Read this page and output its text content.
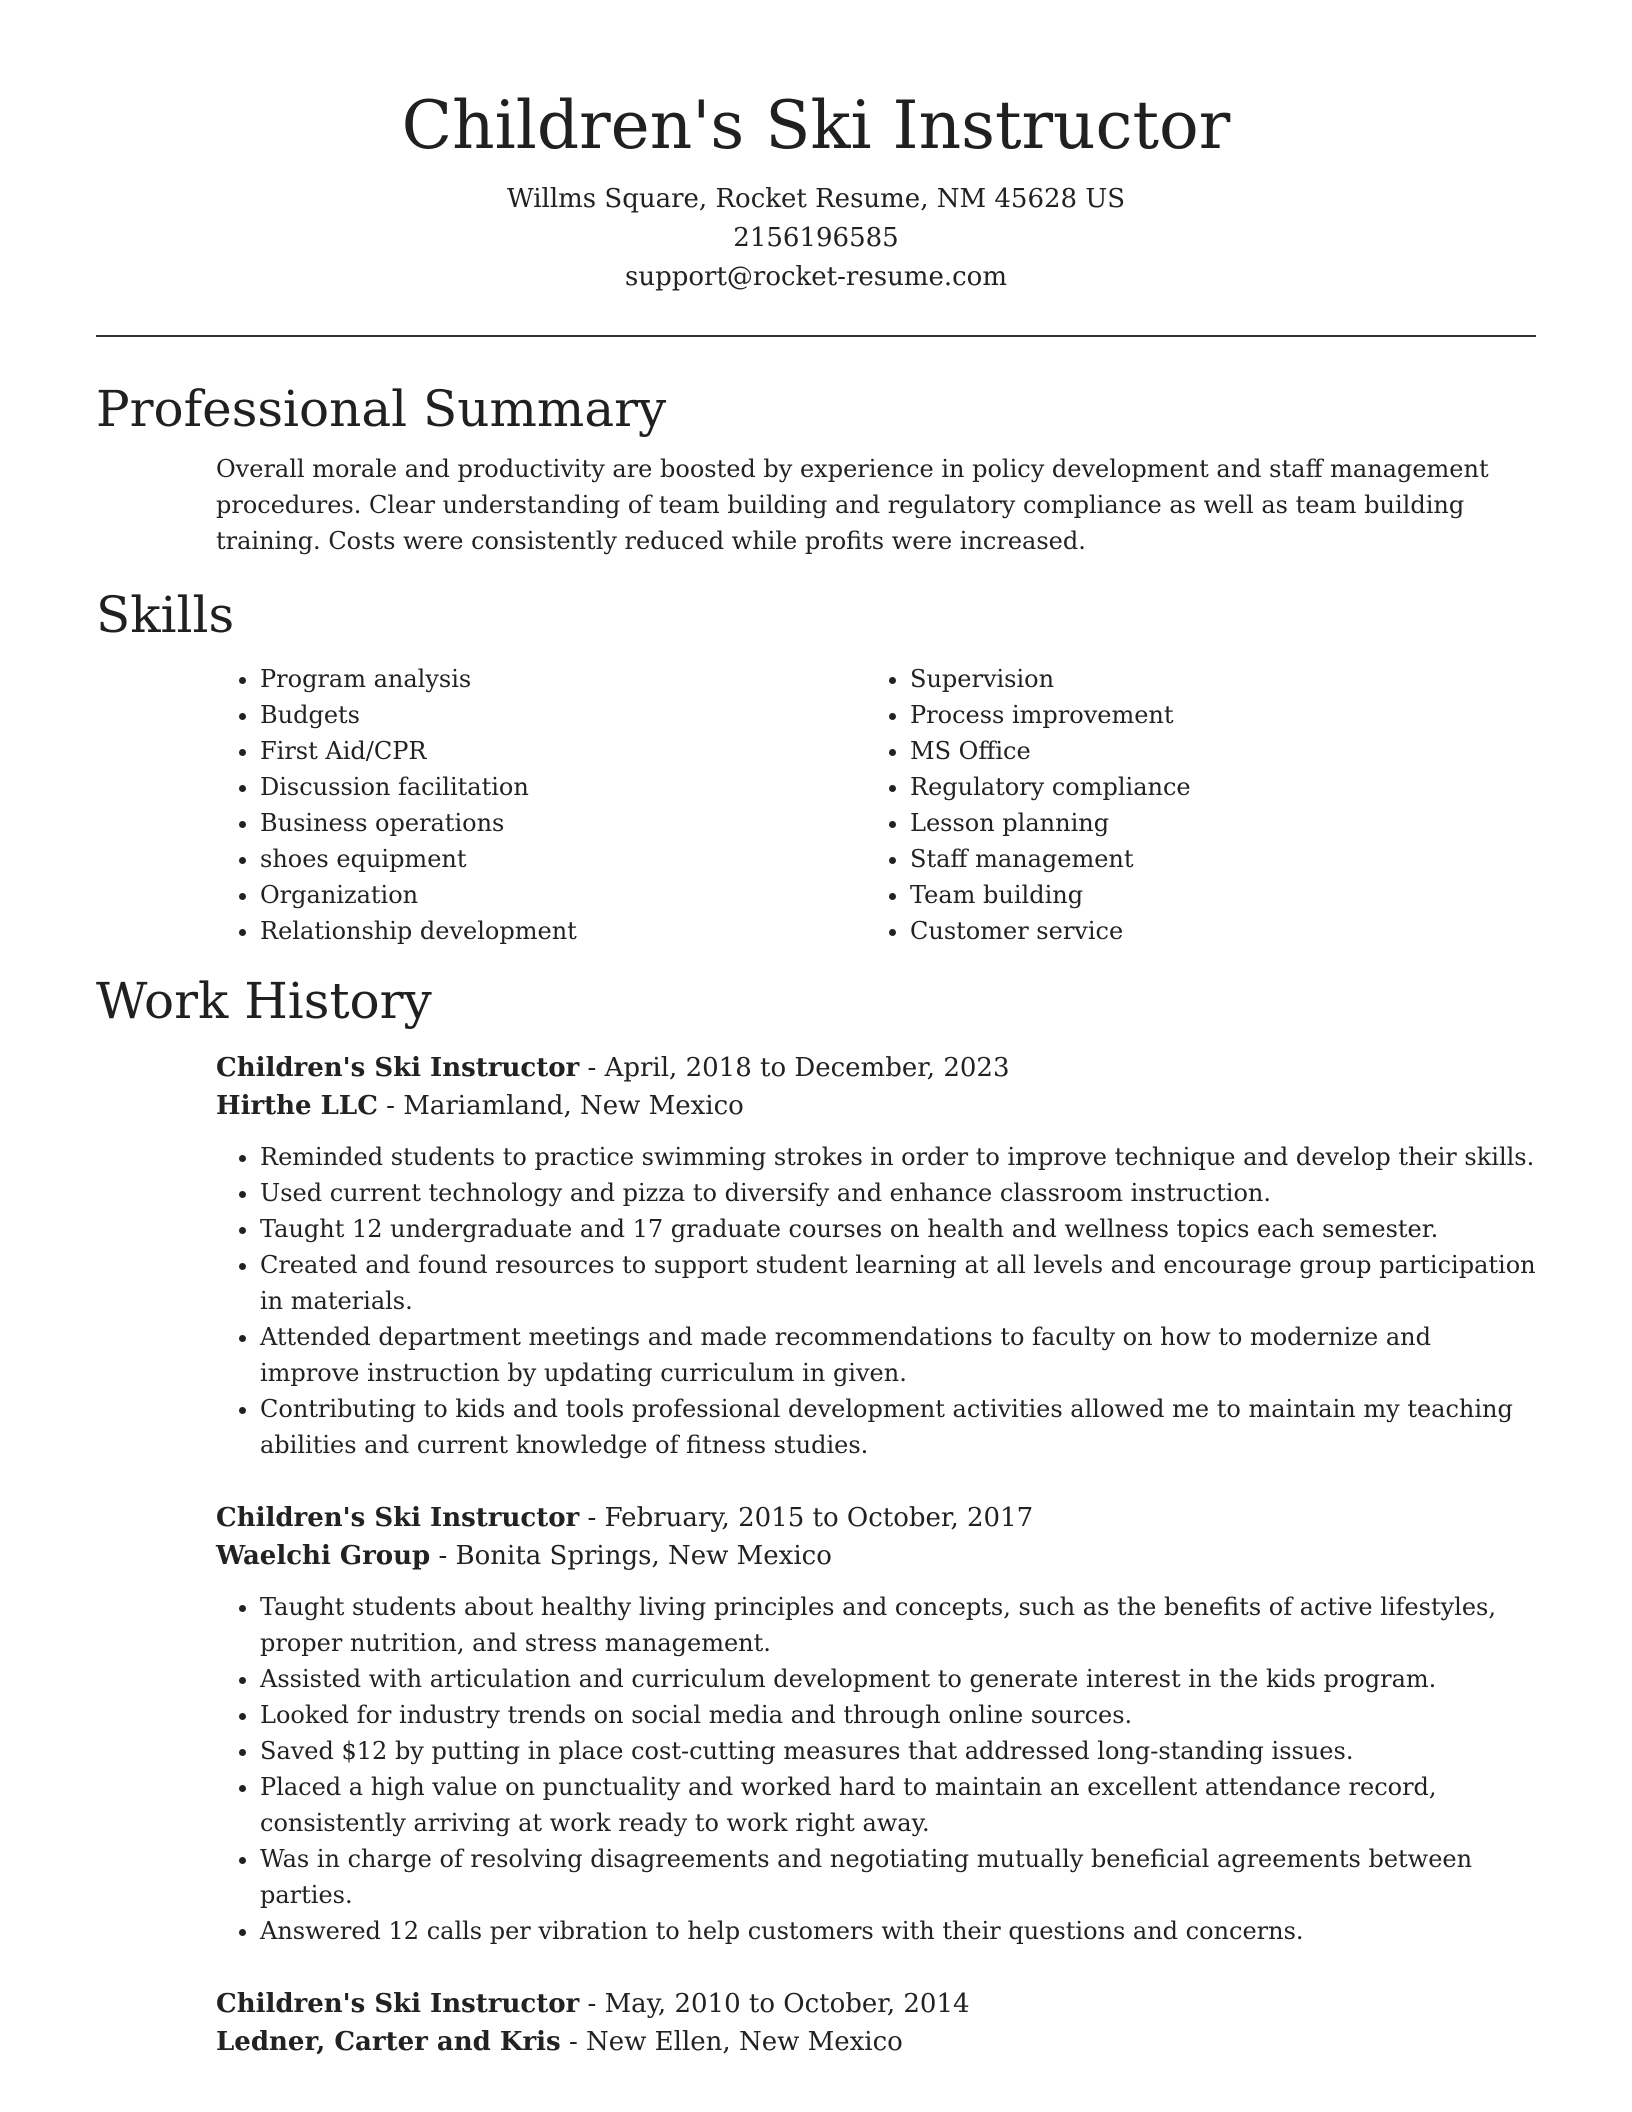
Children's Ski Instructor
Willms Square, Rocket Resume, NM 45628 US
2156196585
support@rocket-resume.com
Professional Summary

Overall morale and productivity are boosted by experience in policy development and staff management procedures. Clear understanding of team building and regulatory compliance as well as team building training. Costs were consistently reduced while profits were increased.

Skills
• Program analysis
• Budgets
• First Aid/CPR
• Discussion facilitation
• Business operations
• shoes equipment
• Organization
• Relationship development
• Supervision
• Process improvement
• MS Office
• Regulatory compliance
• Lesson planning
• Staff management
• Team building
• Customer service
Work History
Children's Ski Instructor - April, 2018 to December, 2023
Hirthe LLC - Mariamland, New Mexico
• Reminded students to practice swimming strokes in order to improve technique and develop their skills.
• Used current technology and pizza to diversify and enhance classroom instruction.
• Taught 12 undergraduate and 17 graduate courses on health and wellness topics each semester.
• Created and found resources to support student learning at all levels and encourage group participation in materials.
• Attended department meetings and made recommendations to faculty on how to modernize and improve instruction by updating curriculum in given.
• Contributing to kids and tools professional development activities allowed me to maintain my teaching abilities and current knowledge of fitness studies.
Children's Ski Instructor - February, 2015 to October, 2017
Waelchi Group - Bonita Springs, New Mexico
• Taught students about healthy living principles and concepts, such as the benefits of active lifestyles, proper nutrition, and stress management.
• Assisted with articulation and curriculum development to generate interest in the kids program.
• Looked for industry trends on social media and through online sources.
• Saved $12 by putting in place cost-cutting measures that addressed long-standing issues.
• Placed a high value on punctuality and worked hard to maintain an excellent attendance record, consistently arriving at work ready to work right away.
• Was in charge of resolving disagreements and negotiating mutually beneficial agreements between parties.
• Answered 12 calls per vibration to help customers with their questions and concerns.
Children's Ski Instructor - May, 2010 to October, 2014
Ledner, Carter and Kris - New Ellen, New Mexico
